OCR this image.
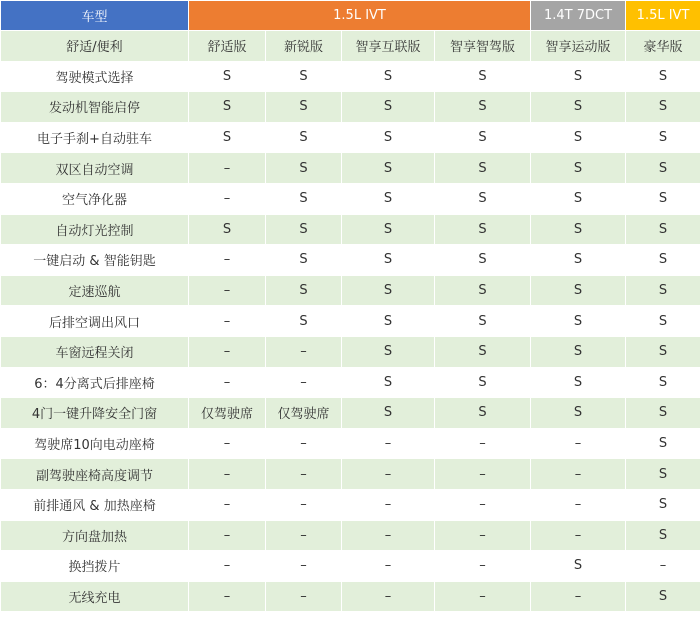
车型	1.5L IVT				1.4T 7DCT	1.5L IVT
舒适/便利	舒适版	新锐版	智享互联版	智享智驾版	智享运动版	豪华版
驾驶模式选择	S	S	S	S	S	S
发动机智能启停	S	S	S	S	S	S
电子手刹+自动驻车	S	S	S	S	S	S
双区自动空调	–	S	S	S	S	S
空气净化器	–	S	S	S	S	S
自动灯光控制	S	S	S	S	S	S
一键启动 & 智能钥匙	–	S	S	S	S	S
定速巡航	–	S	S	S	S	S
后排空调出风口	–	S	S	S	S	S
车窗远程关闭	–	–	S	S	S	S
6：4分离式后排座椅	–	–	S	S	S	S
4门一键升降安全门窗	仅驾驶席	仅驾驶席	S	S	S	S
驾驶席10向电动座椅	–	–	–	–	–	S
副驾驶座椅高度调节	–	–	–	–	–	S
前排通风 & 加热座椅	–	–	–	–	–	S
方向盘加热	–	–	–	–	–	S
换挡拨片	–	–	–	–	S	–
无线充电	–	–	–	–	–	S
